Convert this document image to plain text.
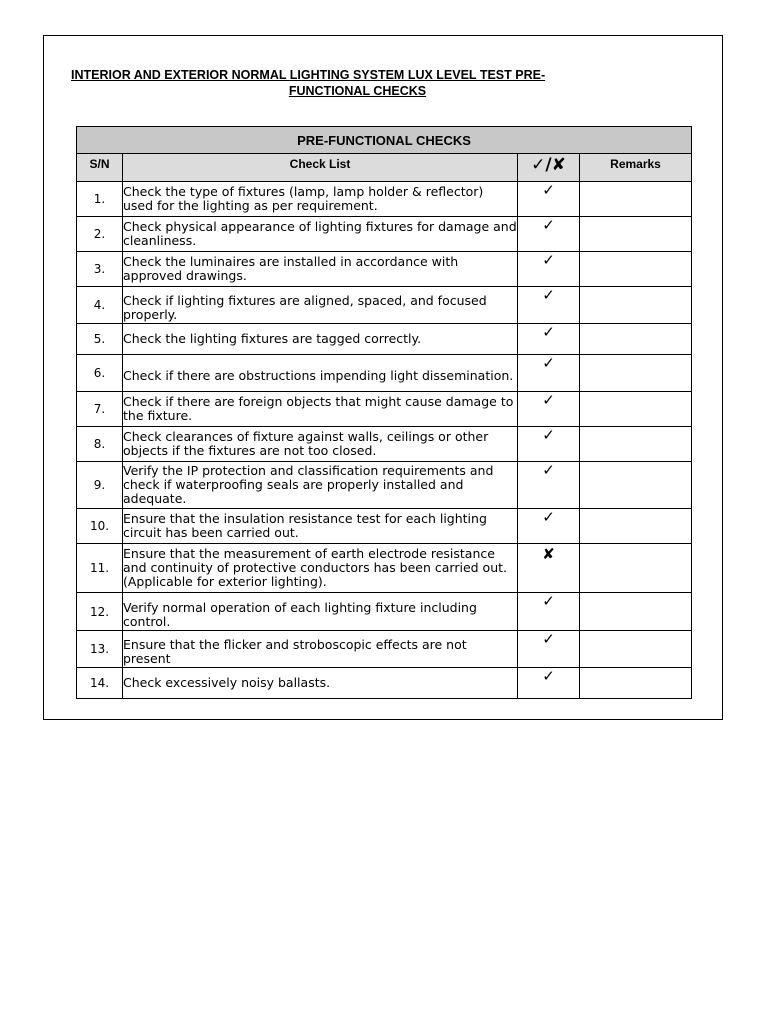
INTERIOR AND EXTERIOR NORMAL LIGHTING SYSTEM LUX LEVEL TEST PRE-
FUNCTIONAL CHECKS
PRE-FUNCTIONAL CHECKS			

S/N	Check List	✓/✘	Remarks

1.	Check the type of fixtures (lamp, lamp holder & reflector) used for the lighting as per requirement.	✓	

2.	Check physical appearance of lighting fixtures for damage and cleanliness.	✓	

3.	Check the luminaires are installed in accordance with approved drawings.	✓	

4.	Check if lighting fixtures are aligned, spaced, and focused properly.	✓	

5.	Check the lighting fixtures are tagged correctly.	✓	

6.	Check if there are obstructions impending light dissemination.	✓	

7.	Check if there are foreign objects that might cause damage to the fixture.	✓	

8.	Check clearances of fixture against walls, ceilings or other objects if the fixtures are not too closed.	✓	

9.	Verify the IP protection and classification requirements and check if waterproofing seals are properly installed and adequate.	✓	

10.	Ensure that the insulation resistance test for each lighting circuit has been carried out.	✓	

11.	Ensure that the measurement of earth electrode resistance and continuity of protective conductors has been carried out. (Applicable for exterior lighting).	✘	

12.	Verify normal operation of each lighting fixture including control.	✓	

13.	Ensure that the flicker and stroboscopic effects are not present	✓	

14.	Check excessively noisy ballasts.	✓	
